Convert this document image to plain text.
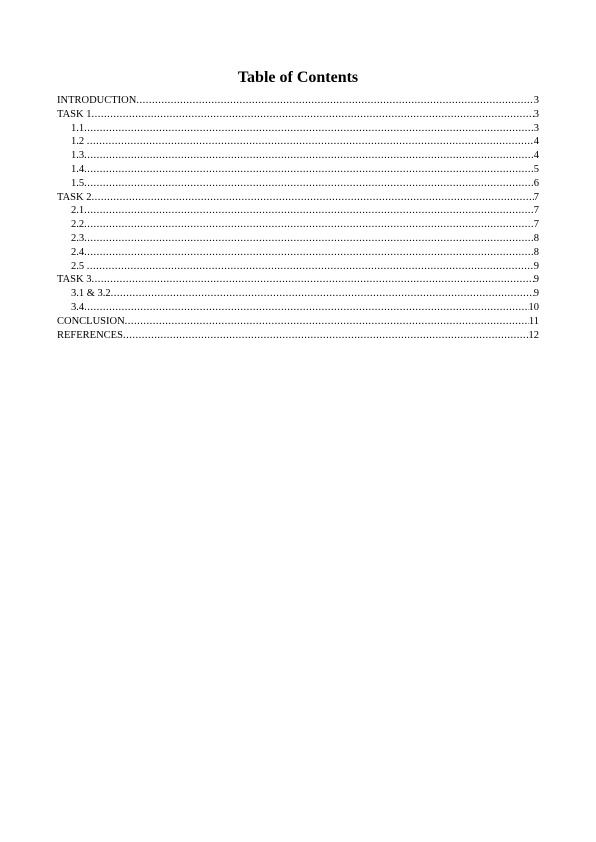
Table of Contents
INTRODUCTION .....	3
TASK 1 .....	3
1.1 .....	3
1.2 .....	4
1.3 .....	4
1.4 .....	5
1.5 .....	6
TASK 2 .....	7
2.1 .....	7
2.2 .....	7
2.3 .....	8
2.4 .....	8
2.5 .....	9
TASK 3 .....	9
3.1 & 3.2 .....	9
3.4 .....	10
CONCLUSION .....	11
REFERENCES .....	12
